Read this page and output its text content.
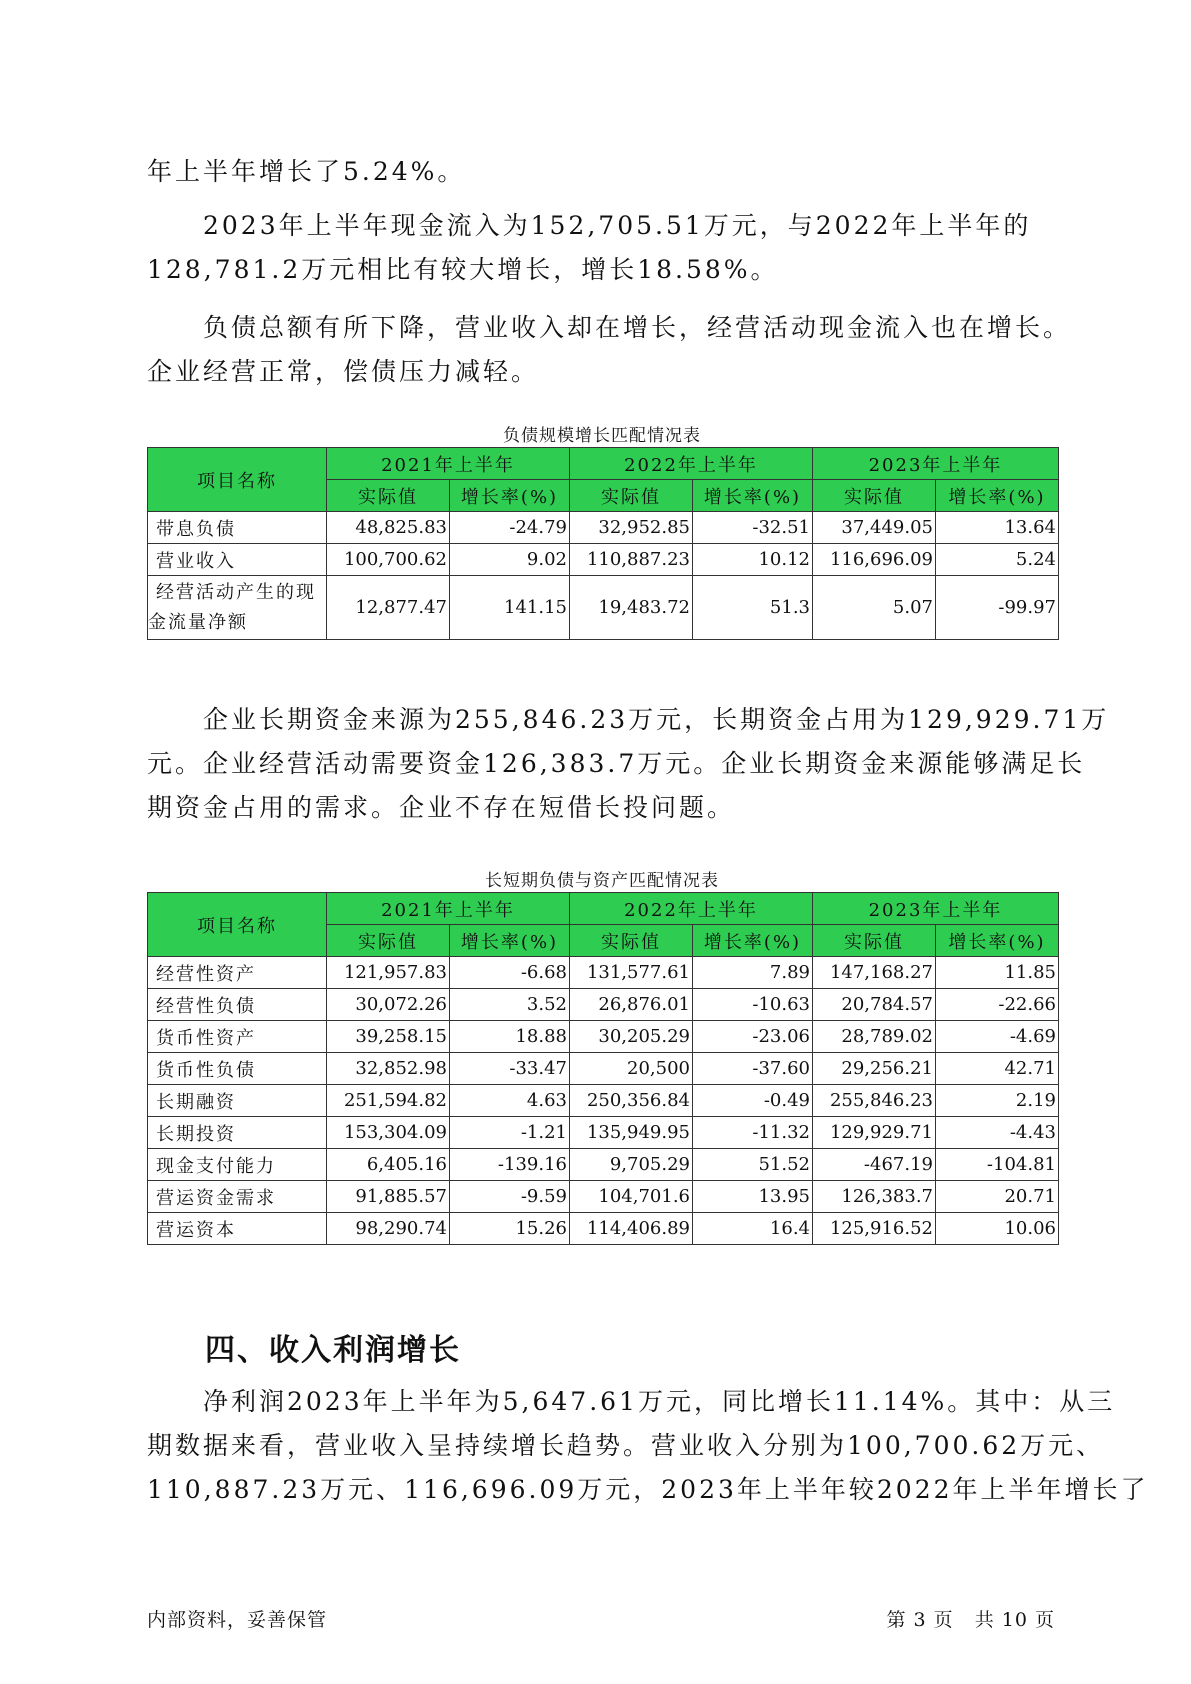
年上半年增长了5.24%。
2023年上半年现金流入为152,705.51万元，与2022年上半年的
128,781.2万元相比有较大增长，增长18.58%。
负债总额有所下降，营业收入却在增长，经营活动现金流入也在增长。
企业经营正常，偿债压力减轻。
负债规模增长匹配情况表
项目名称	2021年上半年		2022年上半年		2023年上半年	
	实际值	增长率(%)	实际值	增长率(%)	实际值	增长率(%)
带息负债	48,825.83	-24.79	32,952.85	-32.51	37,449.05	13.64
营业收入	100,700.62	9.02	110,887.23	10.12	116,696.09	5.24

经营活动产生的现
金流量净额	12,877.47	141.15	19,483.72	51.3	5.07	-99.97
企业长期资金来源为255,846.23万元，长期资金占用为129,929.71万
元。企业经营活动需要资金126,383.7万元。企业长期资金来源能够满足长
期资金占用的需求。企业不存在短借长投问题。
长短期负债与资产匹配情况表
项目名称	2021年上半年		2022年上半年		2023年上半年	
	实际值	增长率(%)	实际值	增长率(%)	实际值	增长率(%)
经营性资产	121,957.83	-6.68	131,577.61	7.89	147,168.27	11.85
经营性负债	30,072.26	3.52	26,876.01	-10.63	20,784.57	-22.66
货币性资产	39,258.15	18.88	30,205.29	-23.06	28,789.02	-4.69
货币性负债	32,852.98	-33.47	20,500	-37.60	29,256.21	42.71
长期融资	251,594.82	4.63	250,356.84	-0.49	255,846.23	2.19
长期投资	153,304.09	-1.21	135,949.95	-11.32	129,929.71	-4.43
现金支付能力	6,405.16	-139.16	9,705.29	51.52	-467.19	-104.81
营运资金需求	91,885.57	-9.59	104,701.6	13.95	126,383.7	20.71
营运资本	98,290.74	15.26	114,406.89	16.4	125,916.52	10.06
四、收入利润增长
净利润2023年上半年为5,647.61万元，同比增长11.14%。其中：从三
期数据来看，营业收入呈持续增长趋势。营业收入分别为100,700.62万元、
110,887.23万元、116,696.09万元，2023年上半年较2022年上半年增长了
内部资料，妥善保管	第 3 页   共 10 页
